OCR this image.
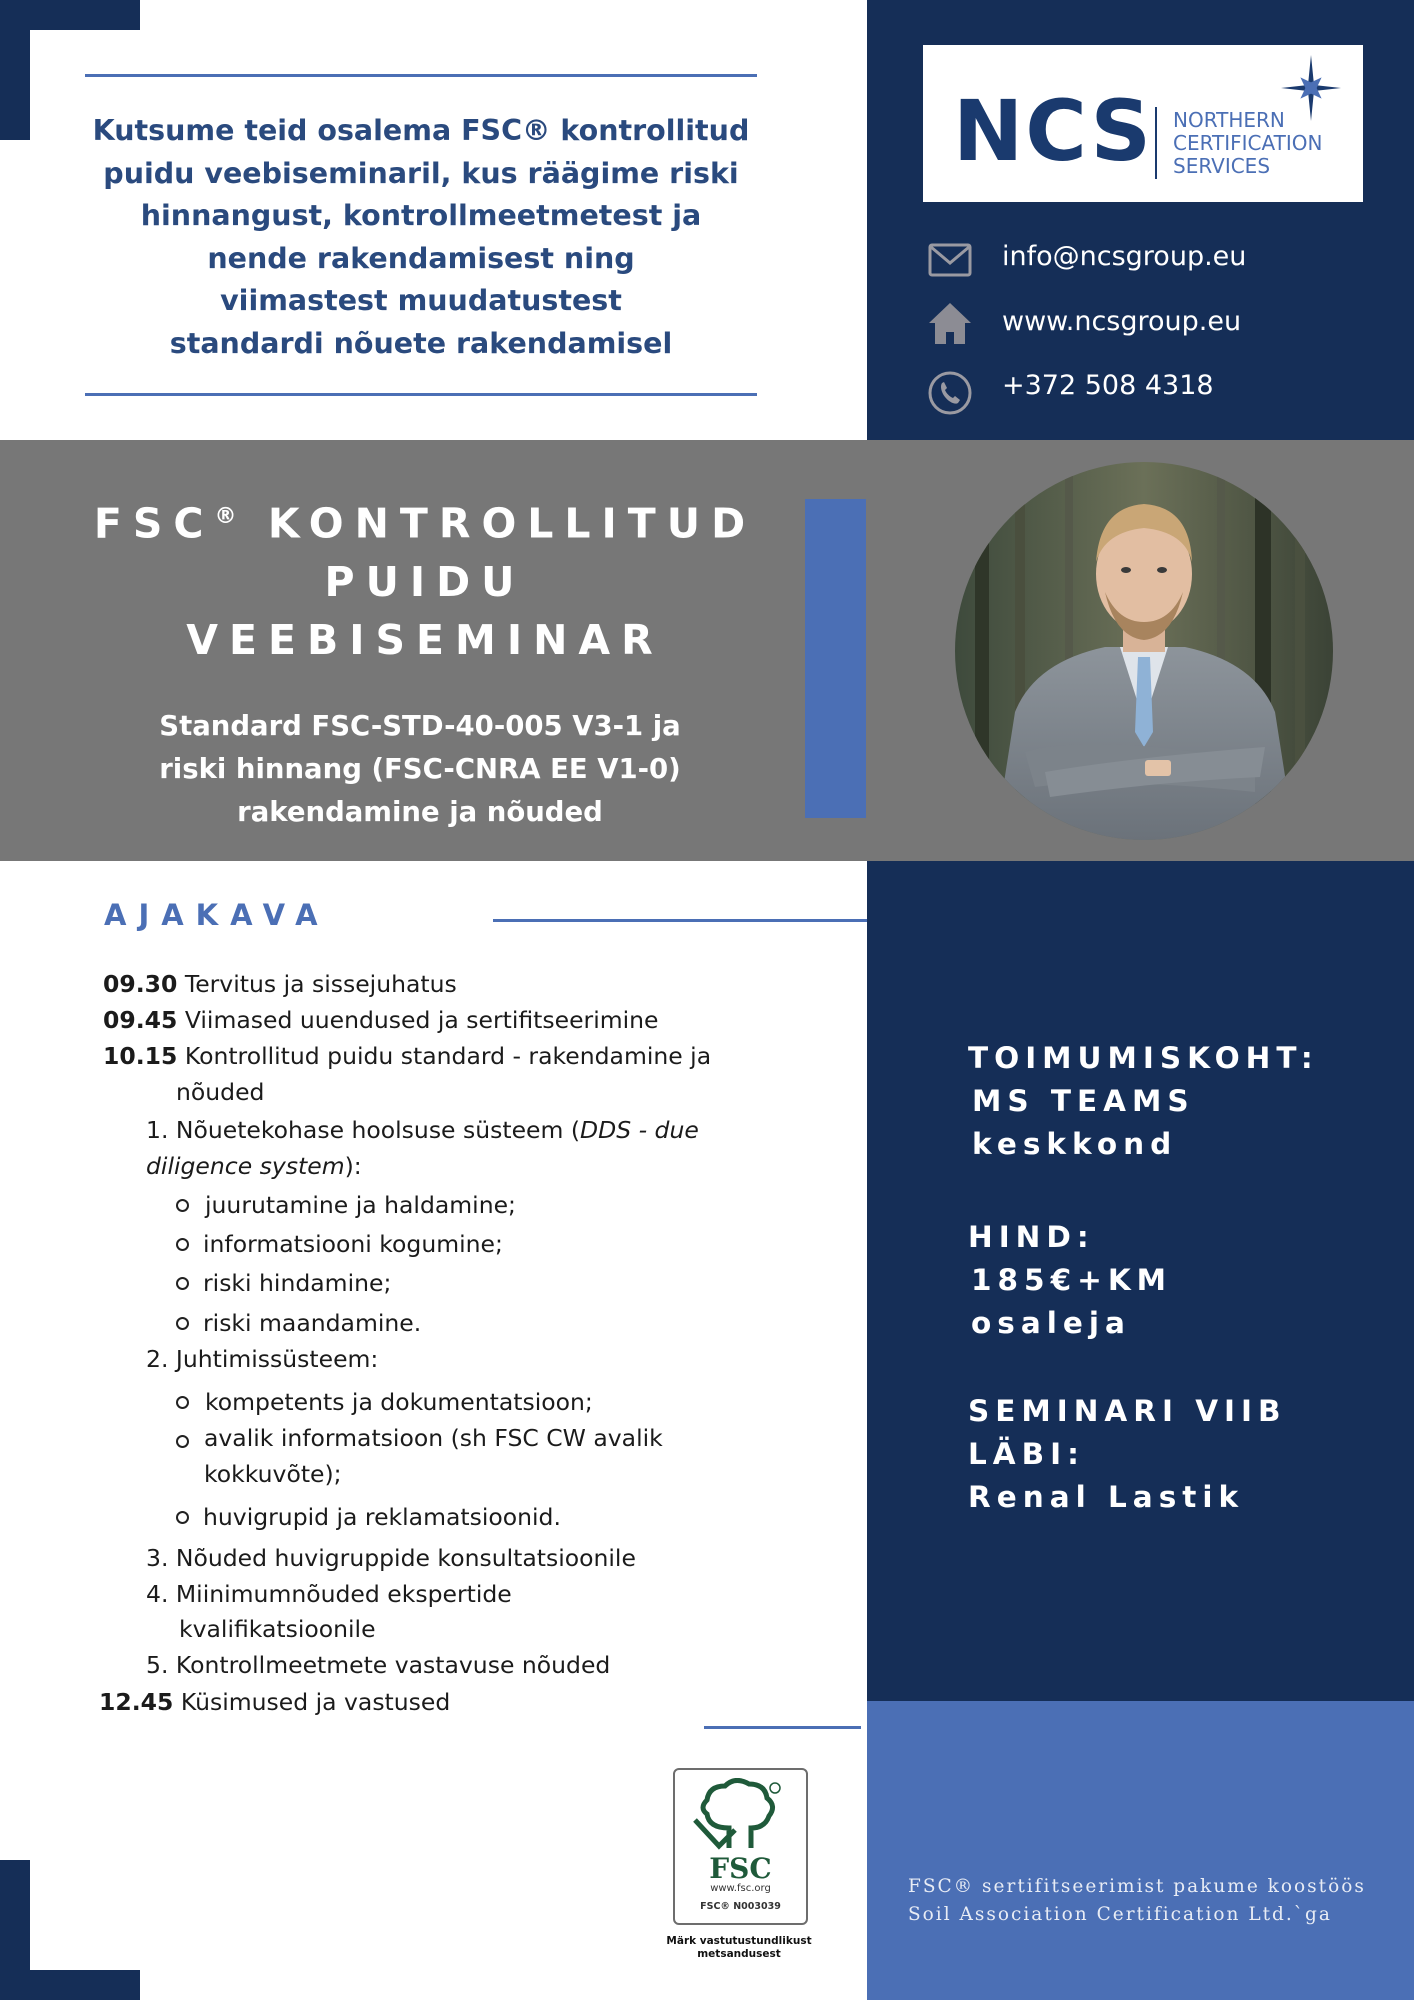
Kutsume teid osalema FSC® kontrollitud
puidu veebiseminaril, kus räägime riski
hinnangust, kontrollmeetmetest ja
nende rakendamisest ning
viimastest muudatustest
standardi nõuete rakendamisel
NCS NORTHERN
CERTIFICATION
SERVICES
info@ncsgroup.eu
www.ncsgroup.eu
+372 508 4318
FSC® KONTROLLITUD
PUIDU
VEEBISEMINAR
Standard FSC-STD-40-005 V3-1 ja
riski hinnang (FSC-CNRA EE V1-0)
rakendamine ja nõuded
AJAKAVA
09.30 Tervitus ja sissejuhatus
09.45 Viimased uuendused ja sertifitseerimine
10.15 Kontrollitud puidu standard - rakendamine ja
nõuded
1. Nõuetekohase hoolsuse süsteem (DDS - due
diligence system):
juurutamine ja haldamine;
informatsiooni kogumine;
riski hindamine;
riski maandamine.
2. Juhtimissüsteem:
kompetents ja dokumentatsioon;
avalik informatsioon (sh FSC CW avalik
kokkuvõte);
huvigrupid ja reklamatsioonid.
3. Nõuded huvigruppide konsultatsioonile
4. Miinimumnõuded ekspertide
kvalifikatsioonile
5. Kontrollmeetmete vastavuse nõuded
12.45 Küsimused ja vastused
TOIMUMISKOHT:
MS TEAMS
keskkond
HIND:
185€+KM
osaleja
SEMINARI VIIB
LÄBI:
Renal Lastik
FSC
www.fsc.org
FSC® N003039
Märk vastutustundlikust
metsandusest
FSC® sertifitseerimist pakume koostöös Soil Association Certification Ltd.`ga
